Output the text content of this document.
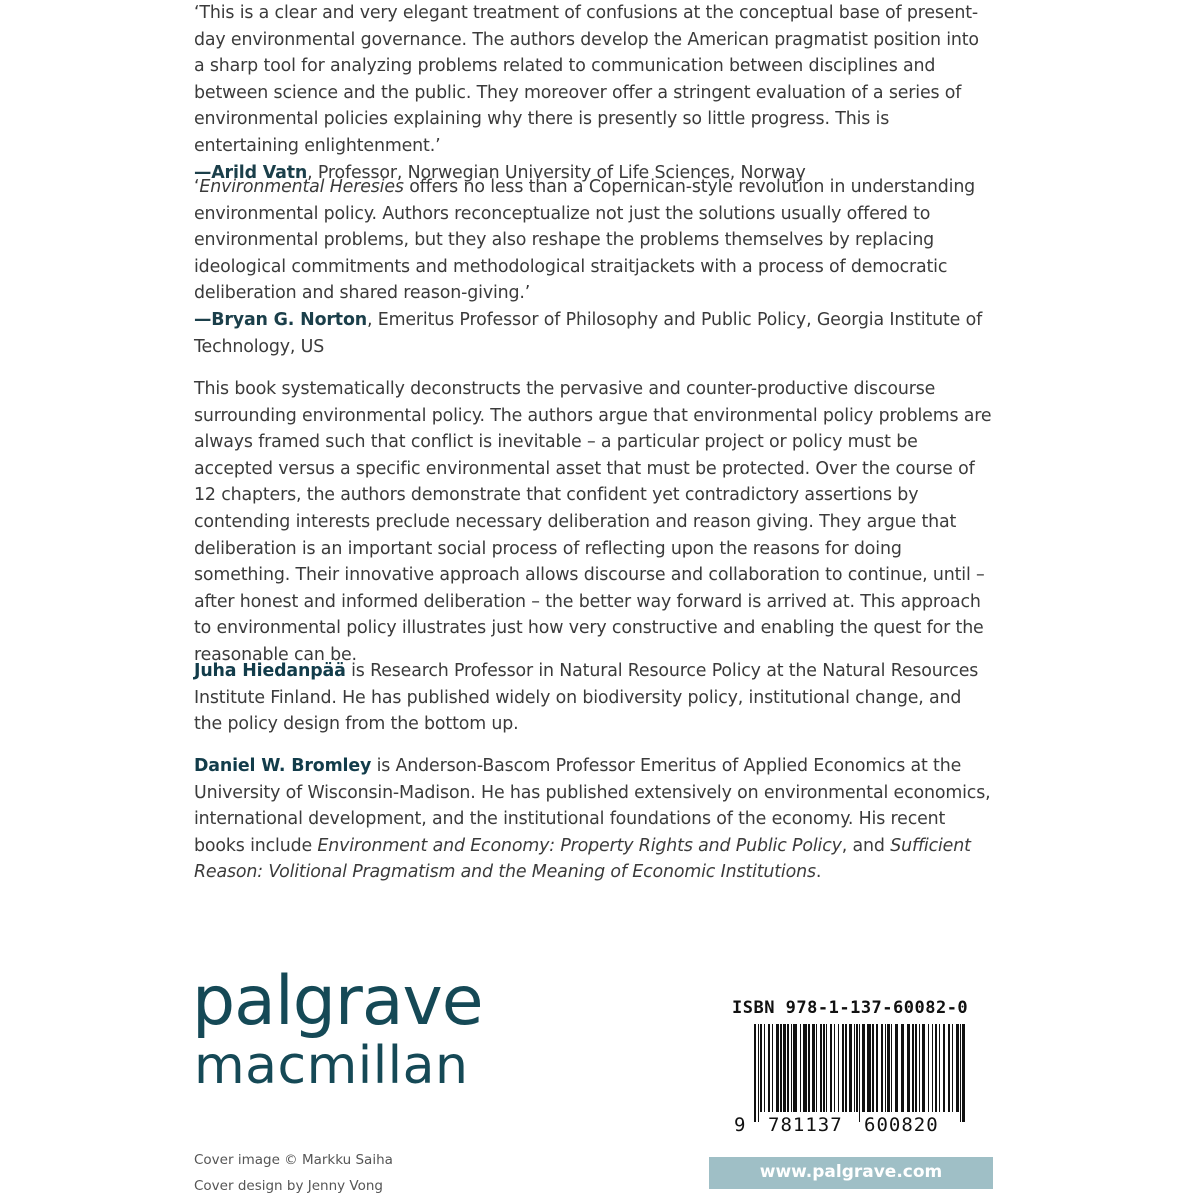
‘This is a clear and very elegant treatment of confusions at the conceptual base of present-day environmental governance. The authors develop the American pragmatist position into a sharp tool for analyzing problems related to communication between disciplines and between science and the public. They moreover offer a stringent evaluation of a series of environmental policies explaining why there is presently so little progress. This is entertaining enlightenment.’
—Arild Vatn, Professor, Norwegian University of Life Sciences, Norway

‘Environmental Heresies offers no less than a Copernican-style revolution in understanding environmental policy. Authors reconceptualize not just the solutions usually offered to environmental problems, but they also reshape the problems themselves by replacing ideological commitments and methodological straitjackets with a process of democratic deliberation and shared reason-giving.’
—Bryan G. Norton, Emeritus Professor of Philosophy and Public Policy, Georgia Institute of Technology, US

This book systematically deconstructs the pervasive and counter-productive discourse surrounding environmental policy. The authors argue that environmental policy problems are always framed such that conflict is inevitable – a particular project or policy must be accepted versus a specific environmental asset that must be protected. Over the course of 12 chapters, the authors demonstrate that confident yet contradictory assertions by contending interests preclude necessary deliberation and reason giving. They argue that deliberation is an important social process of reflecting upon the reasons for doing something. Their innovative approach allows discourse and collaboration to continue, until – after honest and informed deliberation – the better way forward is arrived at. This approach to environmental policy illustrates just how very constructive and enabling the quest for the reasonable can be.

Juha Hiedanpää is Research Professor in Natural Resource Policy at the Natural Resources Institute Finland. He has published widely on biodiversity policy, institutional change, and the policy design from the bottom up.

Daniel W. Bromley is Anderson-Bascom Professor Emeritus of Applied Economics at the University of Wisconsin-Madison. He has published extensively on environmental economics, international development, and the institutional foundations of the economy. His recent books include Environment and Economy: Property Rights and Public Policy, and Sufficient Reason: Volitional Pragmatism and the Meaning of Economic Institutions.

palgrave
macmillan
Cover image © Markku Saiha
Cover design by Jenny Vong
ISBN 978-1-137-60082-0
9 781137 600820
www.palgrave.com
